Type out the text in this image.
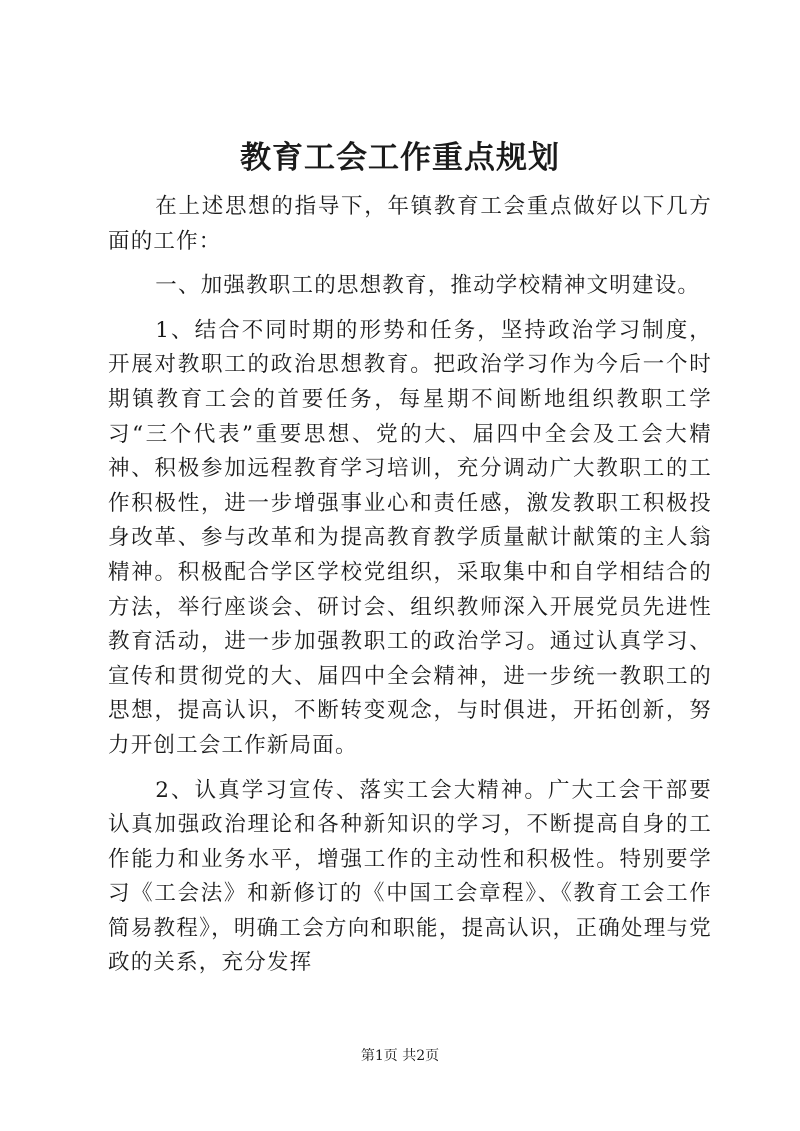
教育工会工作重点规划

在上述思想的指导下，年镇教育工会重点做好以下几方面的工作：

一、加强教职工的思想教育，推动学校精神文明建设。

1、结合不同时期的形势和任务，坚持政治学习制度，开展对教职工的政治思想教育。把政治学习作为今后一个时期镇教育工会的首要任务，每星期不间断地组织教职工学习“三个代表”重要思想、党的大、届四中全会及工会大精神、积极参加远程教育学习培训，充分调动广大教职工的工作积极性，进一步增强事业心和责任感，激发教职工积极投身改革、参与改革和为提高教育教学质量献计献策的主人翁精神。积极配合学区学校党组织，采取集中和自学相结合的方法，举行座谈会、研讨会、组织教师深入开展党员先进性教育活动，进一步加强教职工的政治学习。通过认真学习、宣传和贯彻党的大、届四中全会精神，进一步统一教职工的思想，提高认识，不断转变观念，与时俱进，开拓创新，努力开创工会工作新局面。

2、认真学习宣传、落实工会大精神。广大工会干部要认真加强政治理论和各种新知识的学习，不断提高自身的工作能力和业务水平，增强工作的主动性和积极性。特别要学习《工会法》和新修订的《中国工会章程》、《教育工会工作简易教程》，明确工会方向和职能，提高认识，正确处理与党政的关系，充分发挥

第1页 共2页
